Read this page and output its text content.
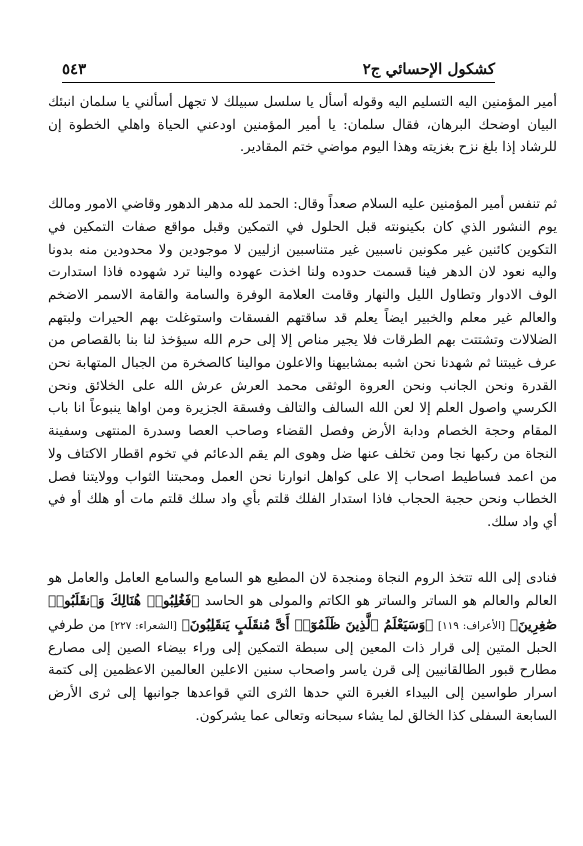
كشكول الإحسائي ج٢
٥٤٣

أمير المؤمنين اليه التسليم اليه وقوله أسأل يا سلسل سبيلك لا تجهل أسألني يا سلمان انبئك البيان اوضحك البرهان، فقال سلمان: يا أمير المؤمنين اودعني الحياة واهلي الخطوة إن للرشاد إذا بلغ نزح بغزيته وهذا اليوم مواضي ختم المقادير.

ثم تنفس أمير المؤمنين عليه السلام صعداً وقال: الحمد لله مدهر الدهور وقاضي الامور ومالك يوم النشور الذي كان بكينونته قبل الحلول في التمكين وقبل مواقع صفات التمكين في التكوين كائنين غير مكونين ناسبين غير متناسبين ازليين لا موجودين ولا محدودين منه بدونا واليه نعود لان الدهر فينا قسمت حدوده ولنا اخذت عهوده والينا ترد شهوده فاذا استدارت الوف الادوار وتطاول الليل والنهار وقامت العلامة الوفرة والسامة والقامة الاسمر الاضخم والعالم غير معلم والخبير ايضاً يعلم قد ساقتهم الفسقات واستوغلت بهم الحيرات ولبتهم الضلالات وتشتتت بهم الطرقات فلا يجير مناص إلا إلى حرم الله سيؤخذ لنا بنا بالقصاص من عرف غيبتنا ثم شهدنا نحن اشبه بمشابيهنا والاعلون موالينا كالصخرة من الجبال المتهابة نحن القدرة ونحن الجانب ونحن العروة الوثقى محمد العرش عرش الله على الخلائق ونحن الكرسي واصول العلم إلا لعن الله السالف والتالف وفسقة الجزيرة ومن اواها ينبوعاً انا باب المقام وحجة الخصام ودابة الأرض وفصل القضاء وصاحب العصا وسدرة المنتهى وسفينة النجاة من ركبها نجا ومن تخلف عنها ضل وهوى الم يقم الدعائم في تخوم اقطار الاكتاف ولا من اعمد فساطيط اصحاب إلا على كواهل انوارنا نحن العمل ومحبتنا الثواب وولايتنا فصل الخطاب ونحن حجبة الحجاب فاذا استدار الفلك قلتم بأي واد سلك قلتم مات أو هلك أو في أي واد سلك.

فنادى إلى الله تتخذ الروم النجاة ومنجدة لان المطيع هو السامع والسامع العامل والعامل هو العالم والعالم هو الساتر والساتر هو الكاتم والمولى هو الحاسد ﴿فَغُلِبُوا۟ هُنَالِكَ وَٱنقَلَبُوا۟ صَٰغِرِينَ﴾ [الأعراف: ١١٩] ﴿وَسَيَعْلَمُ ٱلَّذِينَ ظَلَمُوٓا۟ أَىَّ مُنقَلَبٍ يَنقَلِبُونَ﴾ [الشعراء: ٢٢٧] من طرفي الحبل المتين إلى قرار ذات المعين إلى سبطة التمكين إلى وراء بيضاء الصين إلى مصارع مطارح قبور الطالقانيين إلى قرن ياسر واصحاب سنين الاعلين العالمين الاعظمين إلى كتمة اسرار طواسين إلى البيداء الغبرة التي حدها الثرى التي قواعدها جوانبها إلى ثرى الأرض السابعة السفلى كذا الخالق لما يشاء سبحانه وتعالى عما يشركون.
